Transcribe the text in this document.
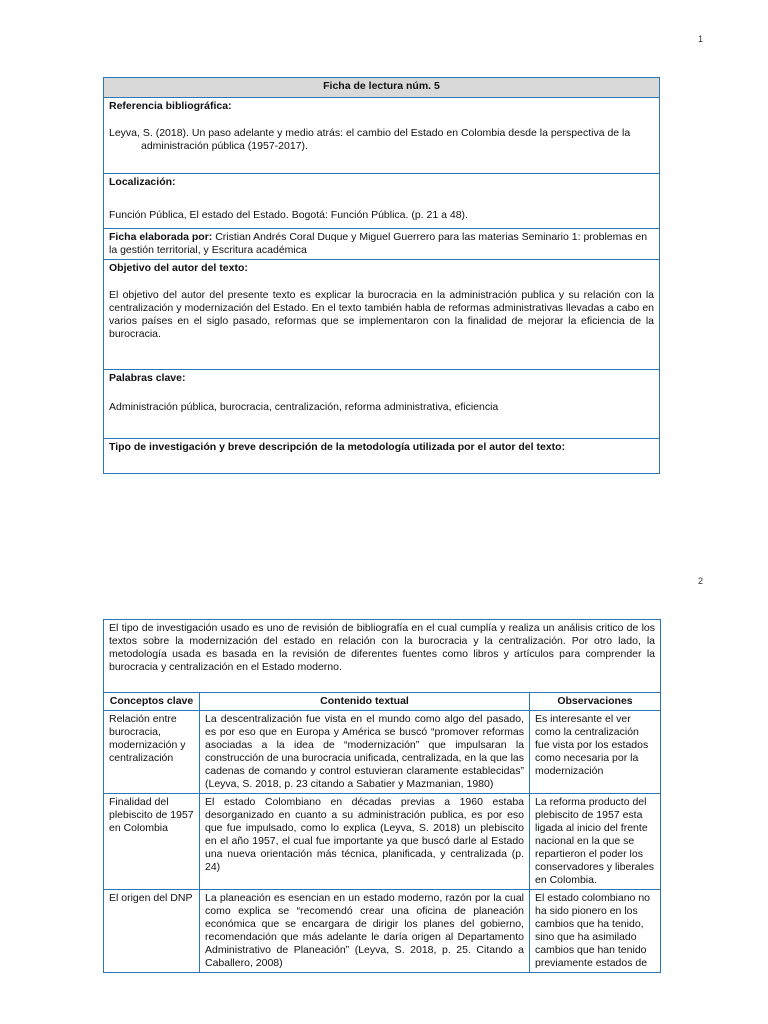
1
Ficha de lectura núm. 5

Referencia bibliográfica:

Leyva, S. (2018). Un paso adelante y medio atrás: el cambio del Estado en Colombia desde la perspectiva de la administración pública (1957-2017).

Localización:

Función Pública, El estado del Estado. Bogotá: Función Pública. (p. 21 a 48).

Ficha elaborada por: Cristian Andrés Coral Duque y Miguel Guerrero para las materias Seminario 1: problemas en la gestión territorial, y Escritura académica

Objetivo del autor del texto:

El objetivo del autor del presente texto es explicar la burocracia en la administración publica y su relación con la centralización y modernización del Estado. En el texto también habla de reformas administrativas llevadas a cabo en varios países en el siglo pasado, reformas que se implementaron con la finalidad de mejorar la eficiencia de la burocracia.

Palabras clave:

Administración pública, burocracia, centralización, reforma administrativa, eficiencia

Tipo de investigación y breve descripción de la metodología utilizada por el autor del texto:

2
El tipo de investigación usado es uno de revisión de bibliografía en el cual cumplía y realiza un análisis critico de los textos sobre la modernización del estado en relación con la burocracia y la centralización. Por otro lado, la metodología usada es basada en la revisión de diferentes fuentes como libros y artículos para comprender la burocracia y centralización en el Estado moderno.		
Conceptos clave	Contenido textual	Observaciones
Relación entre burocracia, modernización y centralización	La descentralización fue vista en el mundo como algo del pasado, es por eso que en Europa y América se buscó “promover reformas asociadas a la idea de “modernización” que impulsaran la construcción de una burocracia unificada, centralizada, en la que las cadenas de comando y control estuvieran claramente establecidas” (Leyva, S. 2018, p. 23 citando a Sabatier y Mazmanian, 1980)	Es interesante el ver como la centralización fue vista por los estados como necesaria por la modernización
Finalidad del plebiscito de 1957 en Colombia	El estado Colombiano en décadas previas a 1960 estaba desorganizado en cuanto a su administración publica, es por eso que fue impulsado, como lo explica (Leyva, S. 2018) un plebiscito en el año 1957, el cual fue importante ya que buscó darle al Estado una nueva orientación más técnica, planificada, y centralizada (p. 24)	La reforma producto del plebiscito de 1957 esta ligada al inicio del frente nacional en la que se repartieron el poder los conservadores y liberales en Colombia.
El origen del DNP	La planeación es esencian en un estado moderno, razón por la cual como explica se “recomendó crear una oficina de planeación económica que se encargara de dirigir los planes del gobierno, recomendación que más adelante le daría origen al Departamento Administrativo de Planeación” (Leyva, S. 2018, p. 25. Citando a Caballero, 2008)	El estado colombiano no ha sido pionero en los cambios que ha tenido, sino que ha asimilado cambios que han tenido previamente estados de
